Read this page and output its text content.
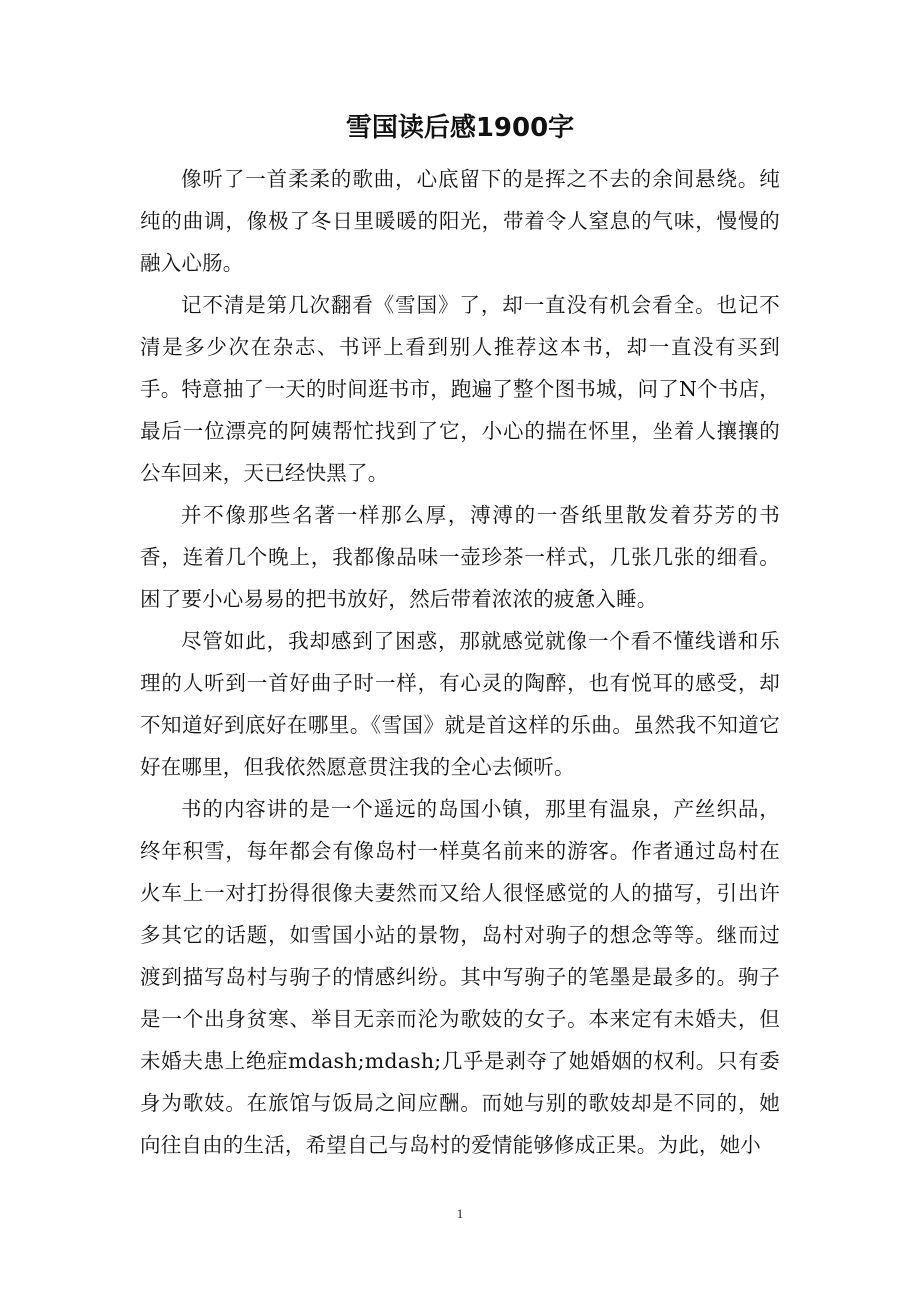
雪国读后感1900字

像听了一首柔柔的歌曲，心底留下的是挥之不去的余间悬绕。纯纯的曲调，像极了冬日里暖暖的阳光，带着令人窒息的气味，慢慢的融入心肠。

记不清是第几次翻看《雪国》了，却一直没有机会看全。也记不清是多少次在杂志、书评上看到别人推荐这本书，却一直没有买到手。特意抽了一天的时间逛书市，跑遍了整个图书城，问了N个书店，最后一位漂亮的阿姨帮忙找到了它，小心的揣在怀里，坐着人攘攘的公车回来，天已经快黑了。

并不像那些名著一样那么厚，溥溥的一沓纸里散发着芬芳的书香，连着几个晚上，我都像品味一壶珍茶一样式，几张几张的细看。困了要小心易易的把书放好，然后带着浓浓的疲惫入睡。

尽管如此，我却感到了困惑，那就感觉就像一个看不懂线谱和乐理的人听到一首好曲子时一样，有心灵的陶醉，也有悦耳的感受，却不知道好到底好在哪里。《雪国》就是首这样的乐曲。虽然我不知道它好在哪里，但我依然愿意贯注我的全心去倾听。

书的内容讲的是一个遥远的岛国小镇，那里有温泉，产丝织品，终年积雪，每年都会有像岛村一样莫名前来的游客。作者通过岛村在火车上一对打扮得很像夫妻然而又给人很怪感觉的人的描写，引出许多其它的话题，如雪国小站的景物，岛村对驹子的想念等等。继而过渡到描写岛村与驹子的情感纠纷。其中写驹子的笔墨是最多的。驹子是一个出身贫寒、举目无亲而沦为歌妓的女子。本来定有未婚夫，但未婚夫患上绝症mdash;mdash;几乎是剥夺了她婚姻的权利。只有委身为歌妓。在旅馆与饭局之间应酬。而她与别的歌妓却是不同的，她向往自由的生活，希望自己与岛村的爱情能够修成正果。为此，她小

1
